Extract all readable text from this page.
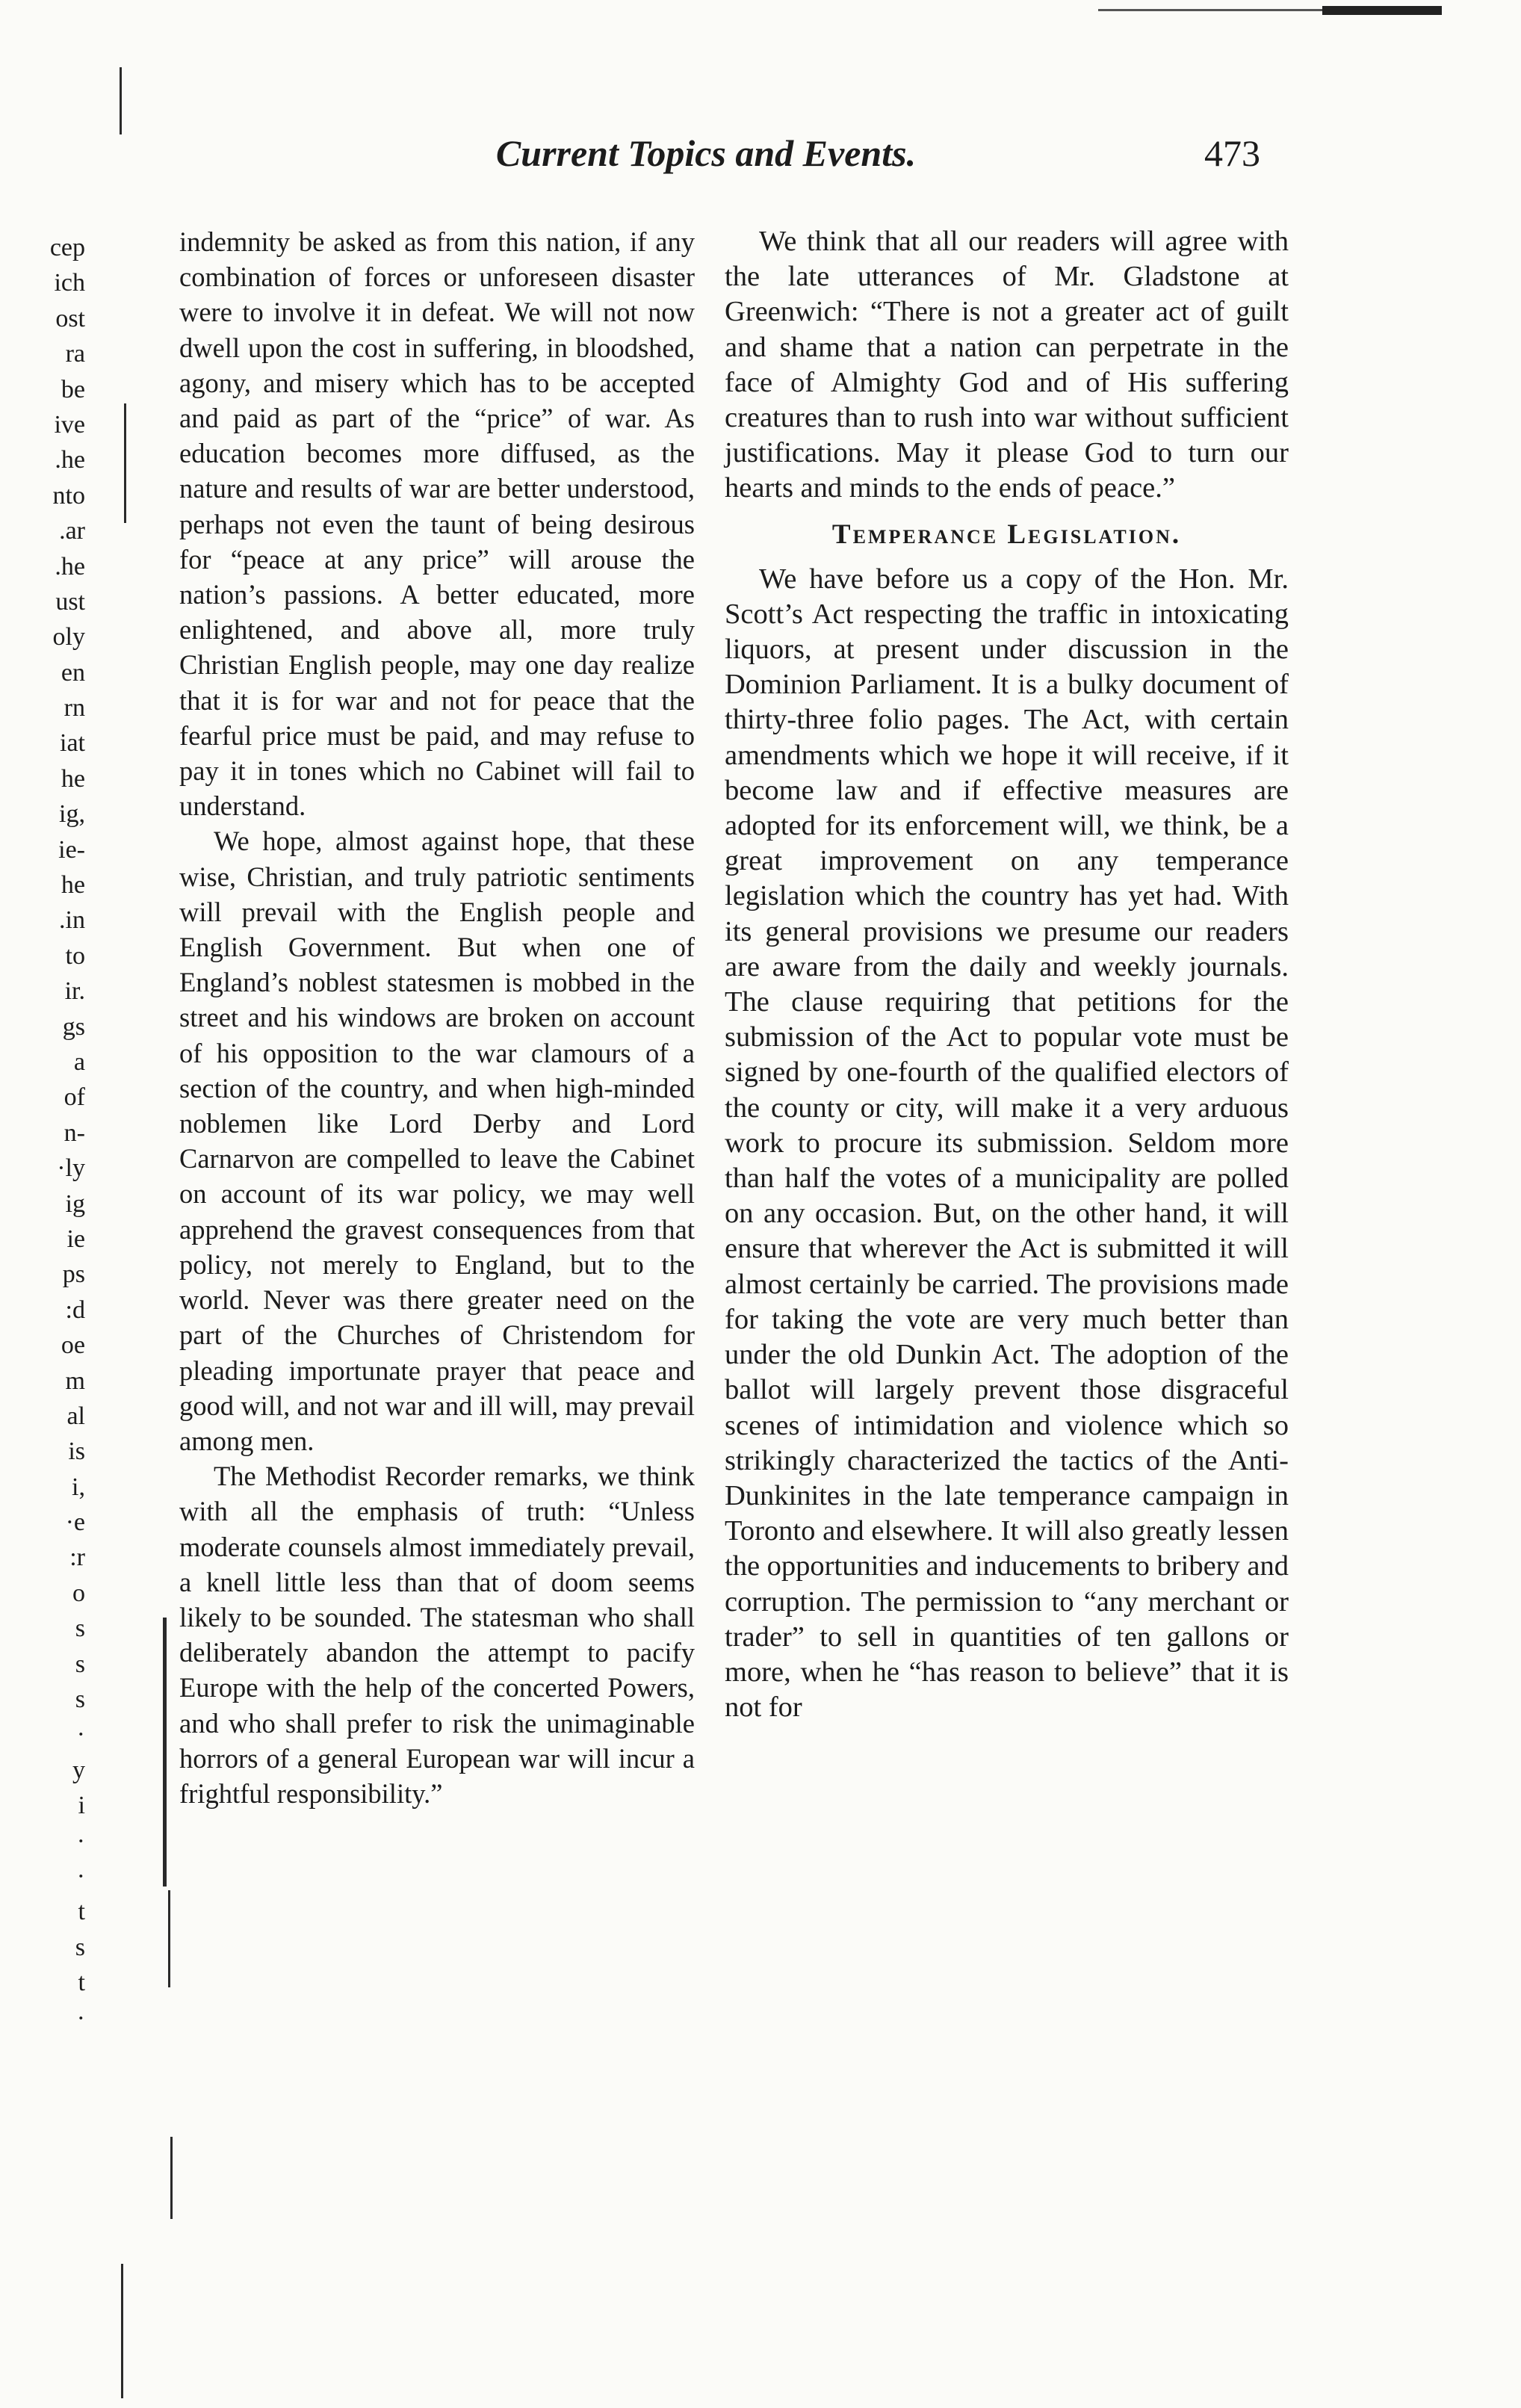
Current Topics and Events.	473
cep
ich
ost
ra
be
ive
.he
nto
.ar
.he
ust
oly
en
rn
iat
he
ig,
ie-
he
.in
to
ir.
gs
a
of
n-
·ly
ig
ie
ps
:d
oe
m
al
is
i,
·e
:r
o
s
s
s
·
y
i
·
·
t
s
t
·

indemnity be asked as from this nation, if any combination of forces or unforeseen disaster were to involve it in defeat. We will not now dwell upon the cost in suffering, in bloodshed, agony, and misery which has to be accepted and paid as part of the “price” of war. As education becomes more diffused, as the nature and results of war are better understood, perhaps not even the taunt of being desirous for “peace at any price” will arouse the nation’s passions. A better educated, more enlightened, and above all, more truly Christian English people, may one day realize that it is for war and not for peace that the fearful price must be paid, and may refuse to pay it in tones which no Cabinet will fail to understand.

We hope, almost against hope, that these wise, Christian, and truly patriotic sentiments will prevail with the English people and English Government. But when one of England’s noblest statesmen is mobbed in the street and his windows are broken on account of his opposition to the war clamours of a section of the country, and when high-minded noblemen like Lord Derby and Lord Carnarvon are compelled to leave the Cabinet on account of its war policy, we may well apprehend the gravest consequences from that policy, not merely to England, but to the world. Never was there greater need on the part of the Churches of Christendom for pleading importunate prayer that peace and good will, and not war and ill will, may prevail among men.

The Methodist Recorder remarks, we think with all the emphasis of truth: “Unless moderate counsels almost immediately prevail, a knell little less than that of doom seems likely to be sounded. The statesman who shall deliberately abandon the attempt to pacify Europe with the help of the concerted Powers, and who shall prefer to risk the unimaginable horrors of a general European war will incur a frightful responsibility.”

We think that all our readers will agree with the late utterances of Mr. Gladstone at Greenwich: “There is not a greater act of guilt and shame that a nation can perpetrate in the face of Almighty God and of His suffering creatures than to rush into war without sufficient justifications. May it please God to turn our hearts and minds to the ends of peace.”

Temperance Legislation.

We have before us a copy of the Hon. Mr. Scott’s Act respecting the traffic in intoxicating liquors, at present under discussion in the Dominion Parliament. It is a bulky document of thirty-three folio pages. The Act, with certain amendments which we hope it will receive, if it become law and if effective measures are adopted for its enforcement will, we think, be a great improvement on any temperance legislation which the country has yet had. With its general provisions we presume our readers are aware from the daily and weekly journals. The clause requiring that petitions for the submission of the Act to popular vote must be signed by one-fourth of the qualified electors of the county or city, will make it a very arduous work to procure its submission. Seldom more than half the votes of a municipality are polled on any occasion. But, on the other hand, it will ensure that wherever the Act is submitted it will almost certainly be carried. The provisions made for taking the vote are very much better than under the old Dunkin Act. The adoption of the ballot will largely prevent those disgraceful scenes of intimidation and violence which so strikingly characterized the tactics of the Anti-Dunkinites in the late temperance campaign in Toronto and elsewhere. It will also greatly lessen the opportunities and inducements to bribery and corruption. The permission to “any merchant or trader” to sell in quantities of ten gallons or more, when he “has reason to believe” that it is not for
